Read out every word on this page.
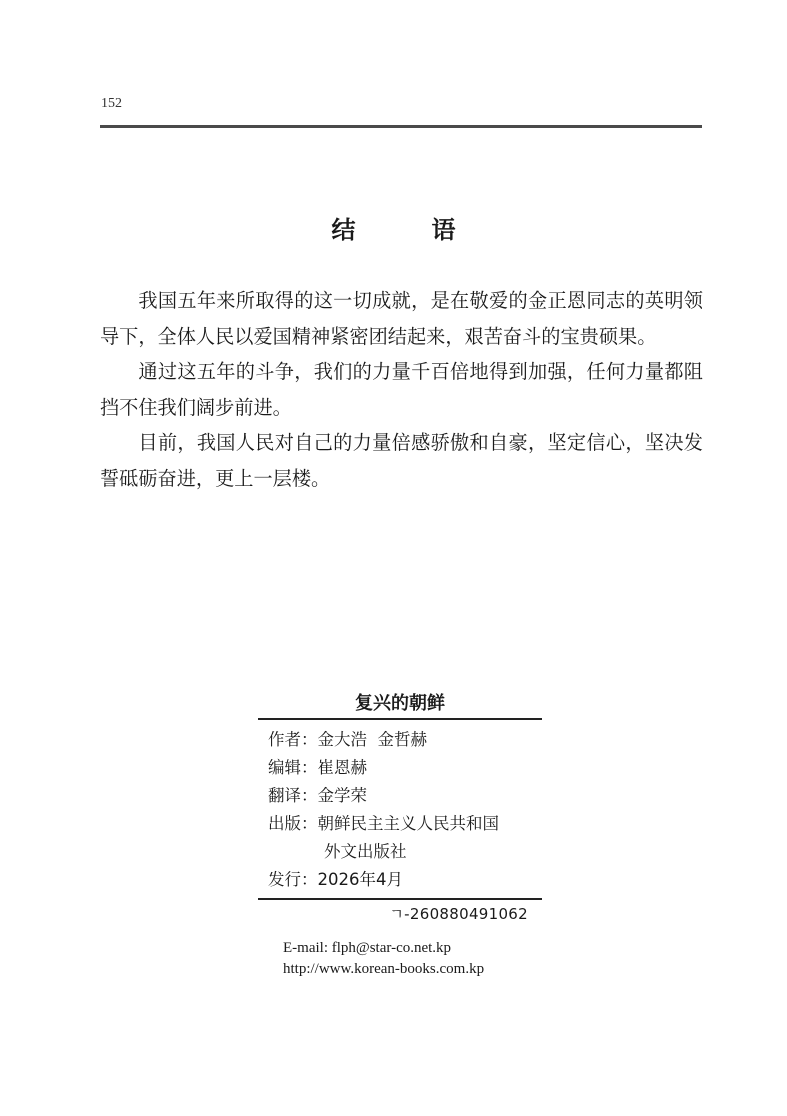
152
结　语

我国五年来所取得的这一切成就，是在敬爱的金正恩同志的英明领导下，全体人民以爱国精神紧密团结起来，艰苦奋斗的宝贵硕果。

通过这五年的斗争，我们的力量千百倍地得到加强，任何力量都阻挡不住我们阔步前进。

目前，我国人民对自己的力量倍感骄傲和自豪，坚定信心，坚决发誓砥砺奋进，更上一层楼。

复兴的朝鲜
作者： 金大浩  金哲赫
编辑： 崔恩赫
翻译： 金学荣
出版： 朝鲜民主主义人民共和国
外文出版社
发行： 2026年4月
ㄱ-260880491062
E-mail: flph@star-co.net.kp
http://www.korean-books.com.kp
